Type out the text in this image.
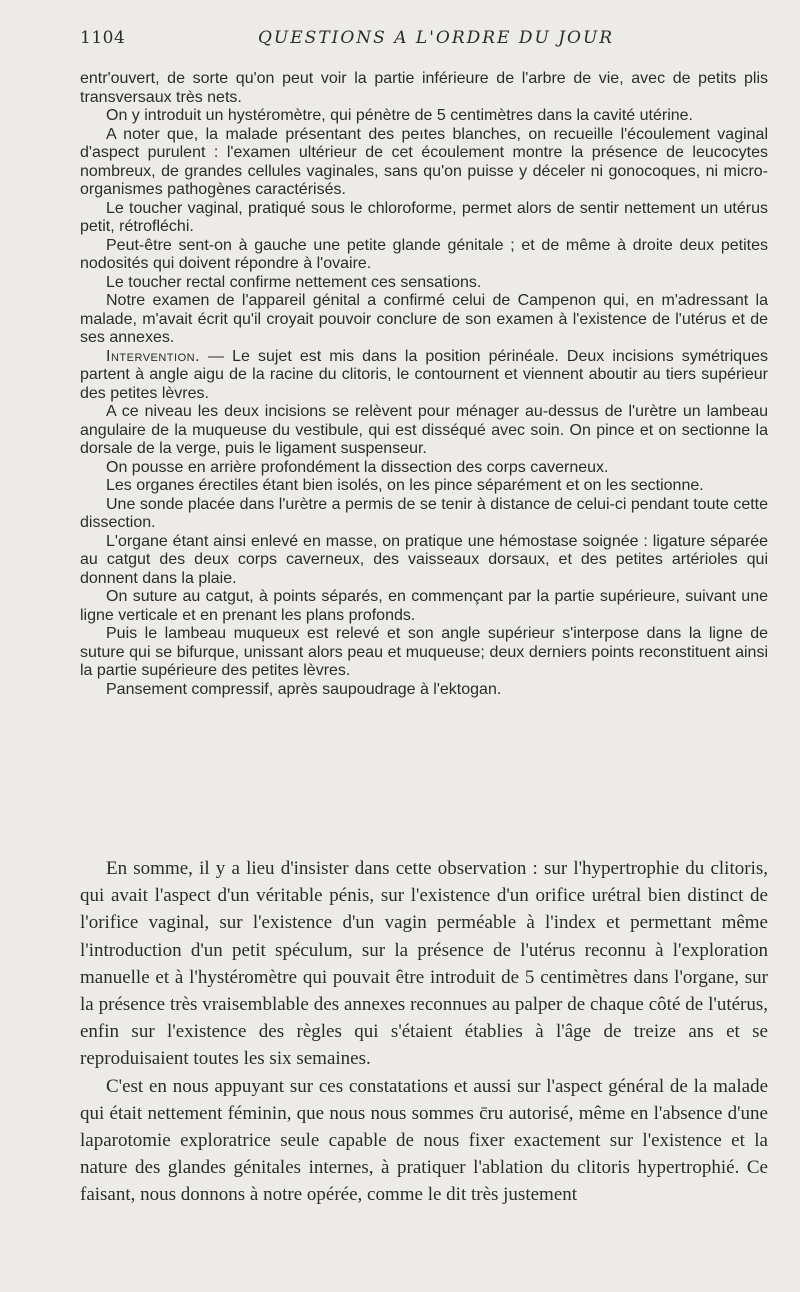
1104	QUESTIONS A L'ORDRE DU JOUR

entr'ouvert, de sorte qu'on peut voir la partie inférieure de l'arbre de vie, avec de petits plis transversaux très nets.

On y introduit un hystéromètre, qui pénètre de 5 centimètres dans la cavité utérine.

A noter que, la malade présentant des peıtes blanches, on recueille l'écoulement vaginal d'aspect purulent : l'examen ultérieur de cet écoulement montre la présence de leucocytes nombreux, de grandes cellules vaginales, sans qu'on puisse y déceler ni gonocoques, ni micro-organismes pathogènes caractérisés.

Le toucher vaginal, pratiqué sous le chloroforme, permet alors de sentir nettement un utérus petit, rétrofléchi.

Peut-être sent-on à gauche une petite glande génitale ; et de même à droite deux petites nodosités qui doivent répondre à l'ovaire.

Le toucher rectal confirme nettement ces sensations.

Notre examen de l'appareil génital a confirmé celui de Campenon qui, en m'adressant la malade, m'avait écrit qu'il croyait pouvoir conclure de son examen à l'existence de l'utérus et de ses annexes.

Intervention. — Le sujet est mis dans la position périnéale. Deux incisions symétriques partent à angle aigu de la racine du clitoris, le contournent et viennent aboutir au tiers supérieur des petites lèvres.

A ce niveau les deux incisions se relèvent pour ménager au-dessus de l'urètre un lambeau angulaire de la muqueuse du vestibule, qui est disséqué avec soin. On pince et on sectionne la dorsale de la verge, puis le ligament suspenseur.

On pousse en arrière profondément la dissection des corps caverneux.

Les organes érectiles étant bien isolés, on les pince séparément et on les sectionne.

Une sonde placée dans l'urètre a permis de se tenir à distance de celui-ci pendant toute cette dissection.

L'organe étant ainsi enlevé en masse, on pratique une hémostase soignée : ligature séparée au catgut des deux corps caverneux, des vaisseaux dorsaux, et des petites artérioles qui donnent dans la plaie.

On suture au catgut, à points séparés, en commençant par la partie supérieure, suivant une ligne verticale et en prenant les plans profonds.

Puis le lambeau muqueux est relevé et son angle supérieur s'interpose dans la ligne de suture qui se bifurque, unissant alors peau et muqueuse; deux derniers points reconstituent ainsi la partie supérieure des petites lèvres.

Pansement compressif, après saupoudrage à l'ektogan.

En somme, il y a lieu d'insister dans cette observation : sur l'hypertrophie du clitoris, qui avait l'aspect d'un véritable pénis, sur l'existence d'un orifice urétral bien distinct de l'orifice vaginal, sur l'existence d'un vagin perméable à l'index et permettant même l'introduction d'un petit spéculum, sur la présence de l'utérus reconnu à l'exploration manuelle et à l'hystéromètre qui pouvait être introduit de 5 centimètres dans l'organe, sur la présence très vraisemblable des annexes reconnues au palper de chaque côté de l'utérus, enfin sur l'existence des règles qui s'étaient établies à l'âge de treize ans et se reproduisaient toutes les six semaines.

C'est en nous appuyant sur ces constatations et aussi sur l'aspect général de la malade qui était nettement féminin, que nous nous sommes c̄ru autorisé, même en l'absence d'une laparotomie exploratrice seule capable de nous fixer exactement sur l'existence et la nature des glandes génitales internes, à pratiquer l'ablation du clitoris hypertrophié. Ce faisant, nous donnons à notre opérée, comme le dit très justement
